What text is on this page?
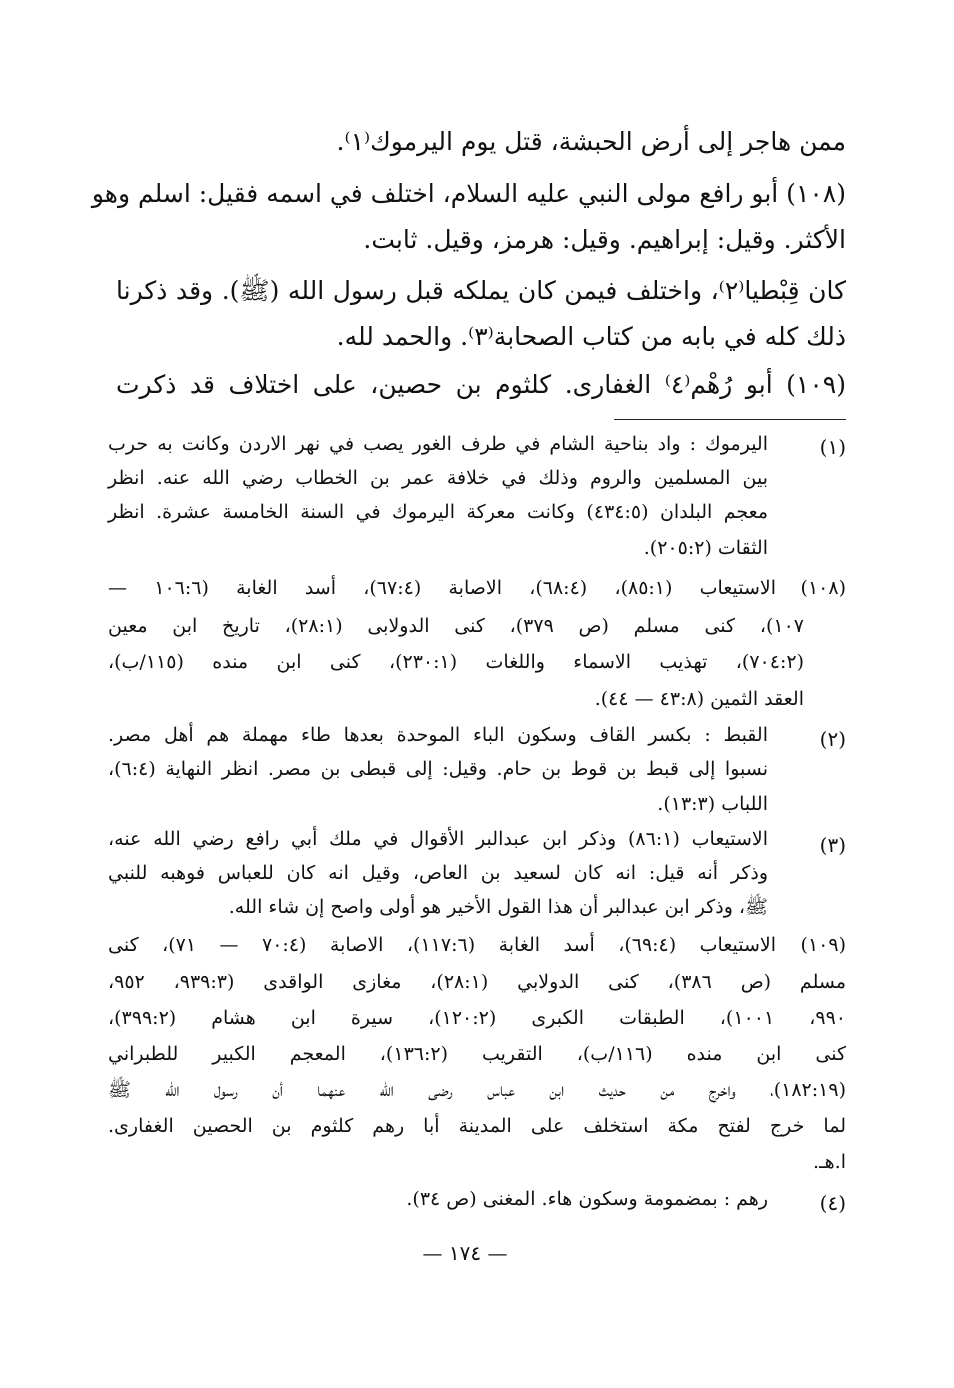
ممن هاجر إلى أرض الحبشة، قتل يوم اليرموك⁽١⁾.
(١٠٨) أبو رافع مولى النبي عليه السلام، اختلف في اسمه فقيل: اسلم وهو
الأكثر. وقيل: إبراهيم. وقيل: هرمز، وقيل. ثابت.
كان قِبْطيا⁽٢⁾، واختلف فيمن كان يملكه قبل رسول الله (ﷺ). وقد ذكرنا
ذلك كله في بابه من كتاب الصحابة⁽٣⁾. والحمد لله.
(١٠٩) أبو رُهْم⁽٤⁾ الغفارى. كلثوم بن حصين، على اختلاف قد ذكرت
(١)
اليرموك : واد بناحية الشام في طرف الغور يصب في نهر الاردن وكانت به حرب
بين المسلمين والروم وذلك في خلافة عمر بن الخطاب رضي الله عنه. انظر
معجم البلدان (٤٣٤:٥) وكانت معركة اليرموك في السنة الخامسة عشرة. انظر
الثقات (٢٠٥:٢).
(١٠٨)
الاستيعاب (٨٥:١)، (٦٨:٤)، الاصابة (٦٧:٤)، أسد الغابة (١٠٦:٦ —
١٠٧)، كنى مسلم (ص ٣٧٩)، كنى الدولابى (٢٨:١)، تاريخ ابن معين
(٧٠٤:٢)، تهذيب الاسماء واللغات (٢٣٠:١)، كنى ابن منده (١١٥/ب)،
العقد الثمين (٤٣:٨ — ٤٤).
(٢)
القبط : بكسر القاف وسكون الباء الموحدة بعدها طاء مهملة هم أهل مصر.
نسبوا إلى قبط بن قوط بن حام. وقيل: إلى قبطى بن مصر. انظر النهاية (٦:٤)،
اللباب (١٣:٣).
(٣)
الاستيعاب (٨٦:١) وذكر ابن عبدالبر الأقوال في ملك أبي رافع رضي الله عنه،
وذكر أنه قيل: انه كان لسعيد بن العاص، وقيل انه كان للعباس فوهبه للنبي
ﷺ، وذكر ابن عبدالبر أن هذا القول الأخير هو أولى واصح إن شاء الله.
(١٠٩)
الاستيعاب (٦٩:٤)، أسد الغابة (١١٧:٦)، الاصابة (٧٠:٤ — ٧١)، كنى
مسلم (ص ٣٨٦)، كنى الدولابي (٢٨:١)، مغازى الواقدى (٩٣٩:٣، ٩٥٢،
٩٩٠، ١٠٠١)، الطبقات الكبرى (١٢٠:٢)، سيرة ابن هشام (٣٩٩:٢)،
كنى ابن منده (١١٦/ب)، التقريب (١٣٦:٢)، المعجم الكبير للطبراني
(١٨٢:١٩)، واخرج من حديث ابن عباس رضى الله عنهما أن رسول الله ﷺ
لما خرج لفتح مكة استخلف على المدينة أبا رهم كلثوم بن الحصين الغفارى.
ا.هـ.
(٤)
رهم : بمضمومة وسكون هاء. المغنى (ص ٣٤).
— ١٧٤ —
